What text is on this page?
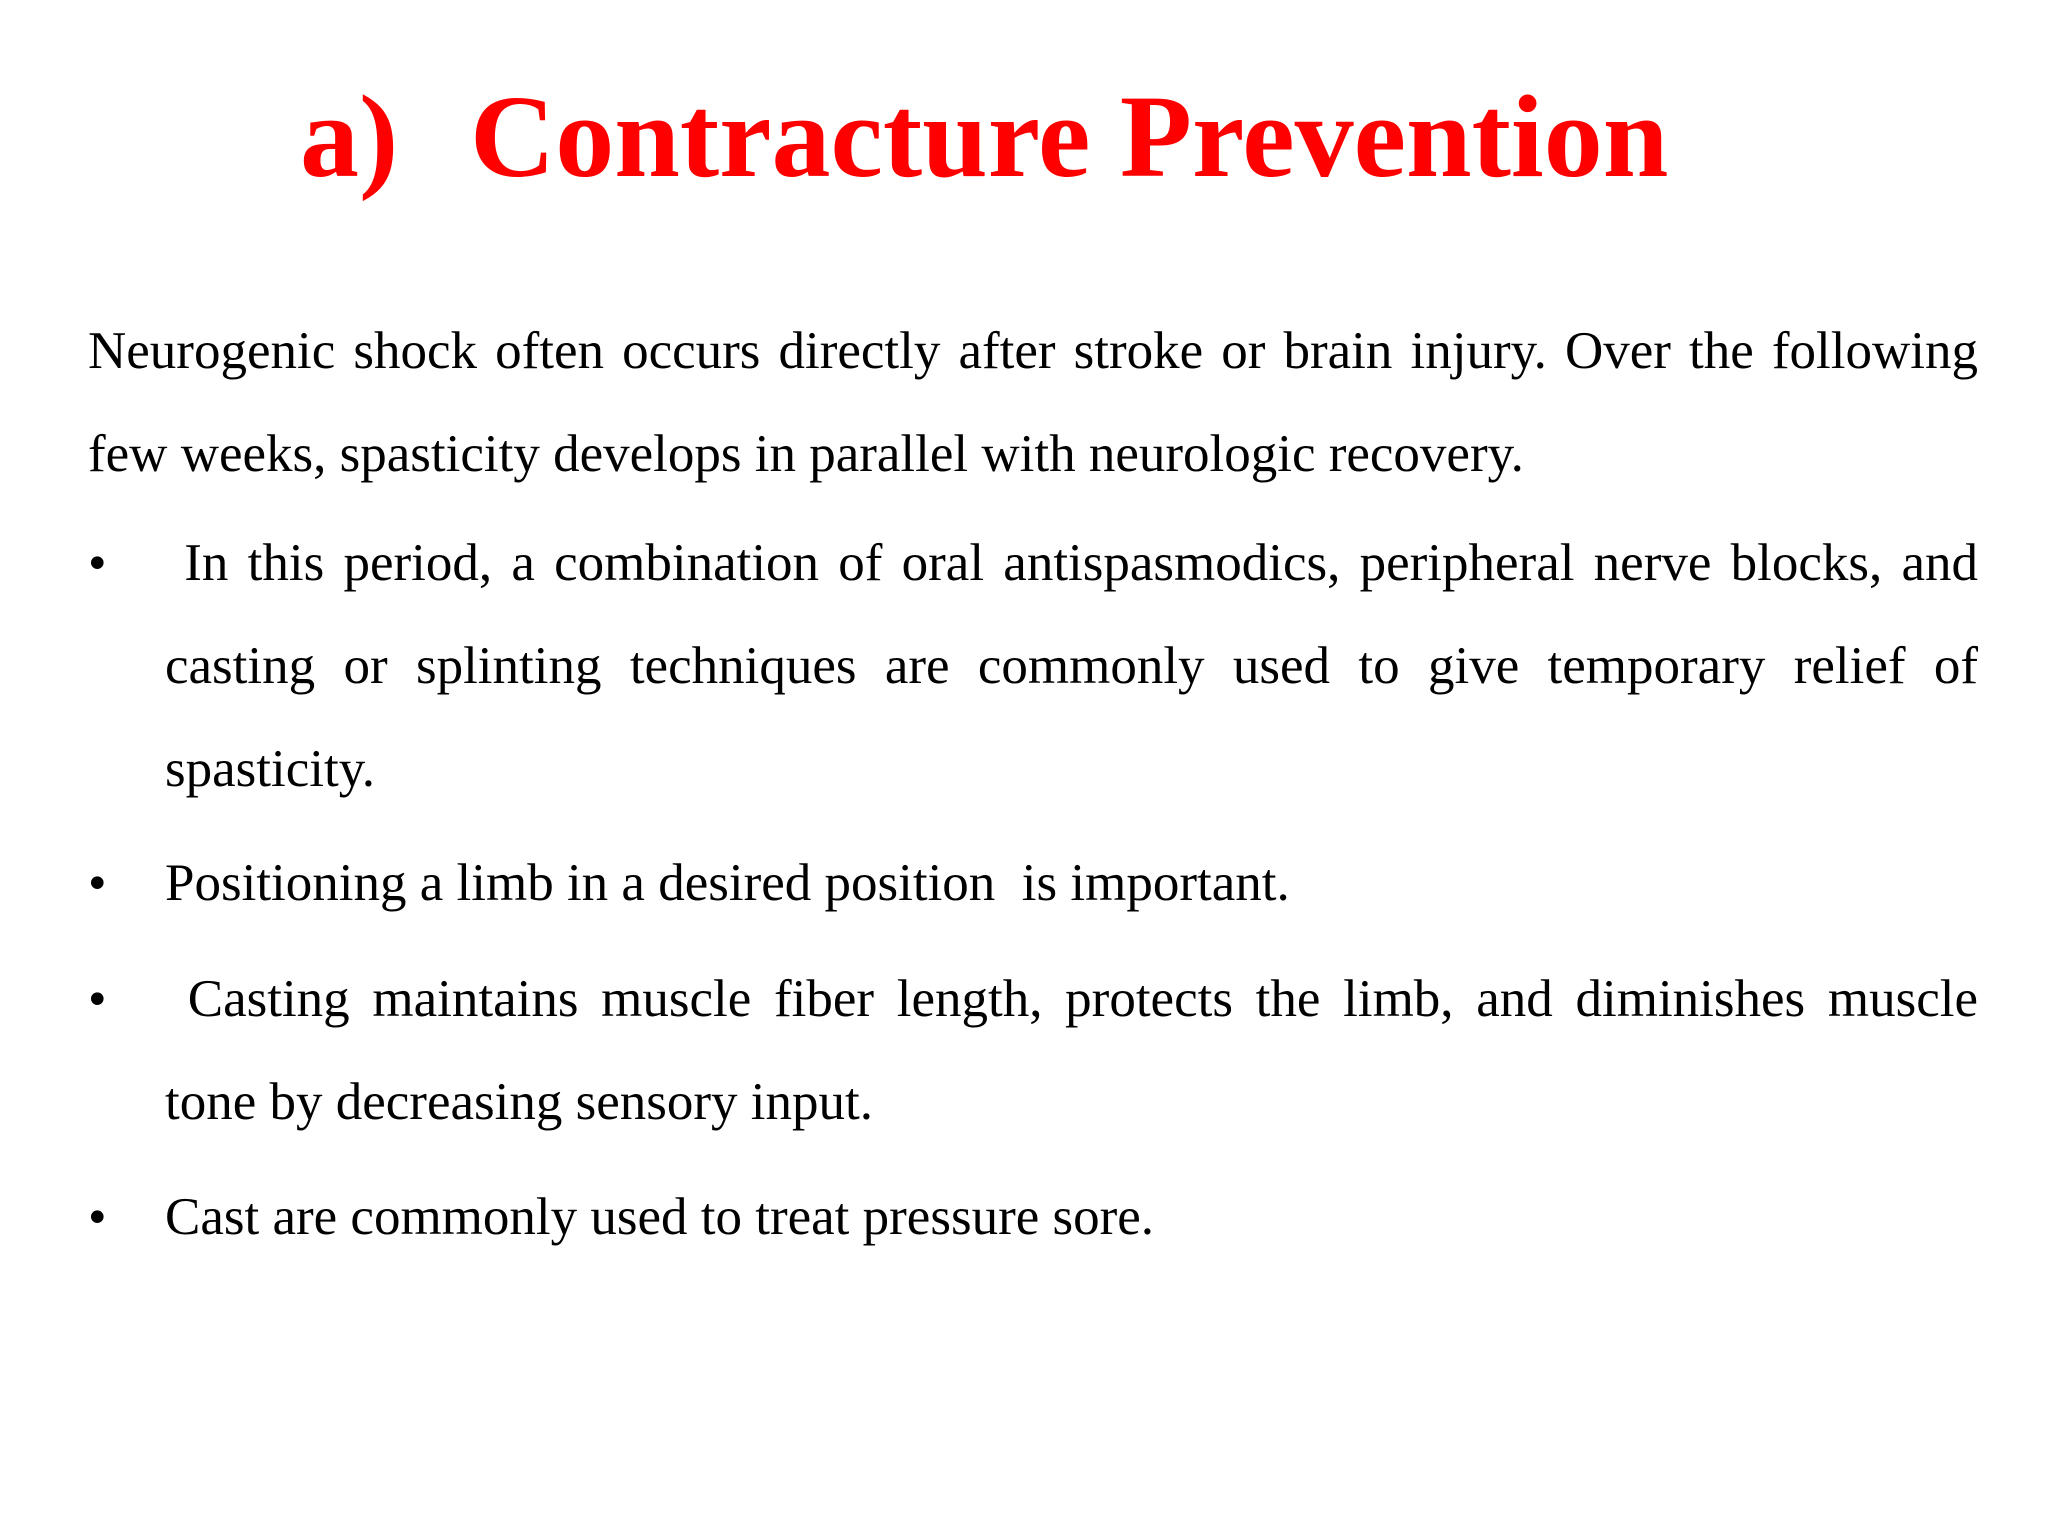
a) Contracture Prevention

Neurogenic shock often occurs directly after stroke or brain injury. Over the following few weeks, spasticity develops in parallel with neurologic recovery.

•	In this period, a combination of oral antispasmodics, peripheral nerve blocks, and casting or splinting techniques are commonly used to give temporary relief of spasticity.
•	Positioning a limb in a desired position  is important.
•	Casting maintains muscle fiber length, protects the limb, and diminishes muscle tone by decreasing sensory input.
•	Cast are commonly used to treat pressure sore.
